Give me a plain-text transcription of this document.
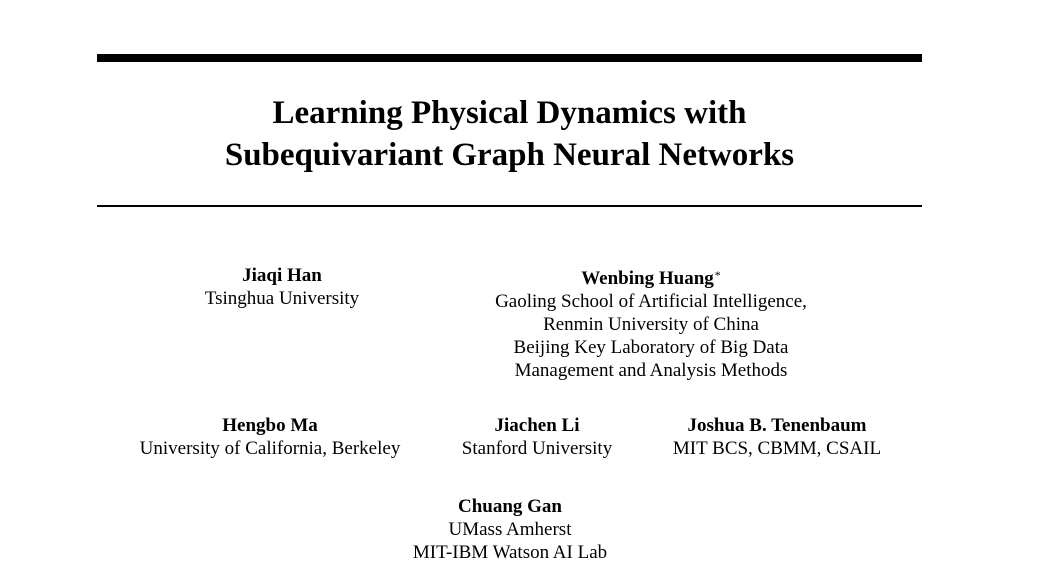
Learning Physical Dynamics with
Subequivariant Graph Neural Networks
Jiaqi Han
Tsinghua University
Wenbing Huang*
Gaoling School of Artificial Intelligence,
Renmin University of China
Beijing Key Laboratory of Big Data
Management and Analysis Methods
Hengbo Ma
University of California, Berkeley
Jiachen Li
Stanford University
Joshua B. Tenenbaum
MIT BCS, CBMM, CSAIL
Chuang Gan
UMass Amherst
MIT-IBM Watson AI Lab
